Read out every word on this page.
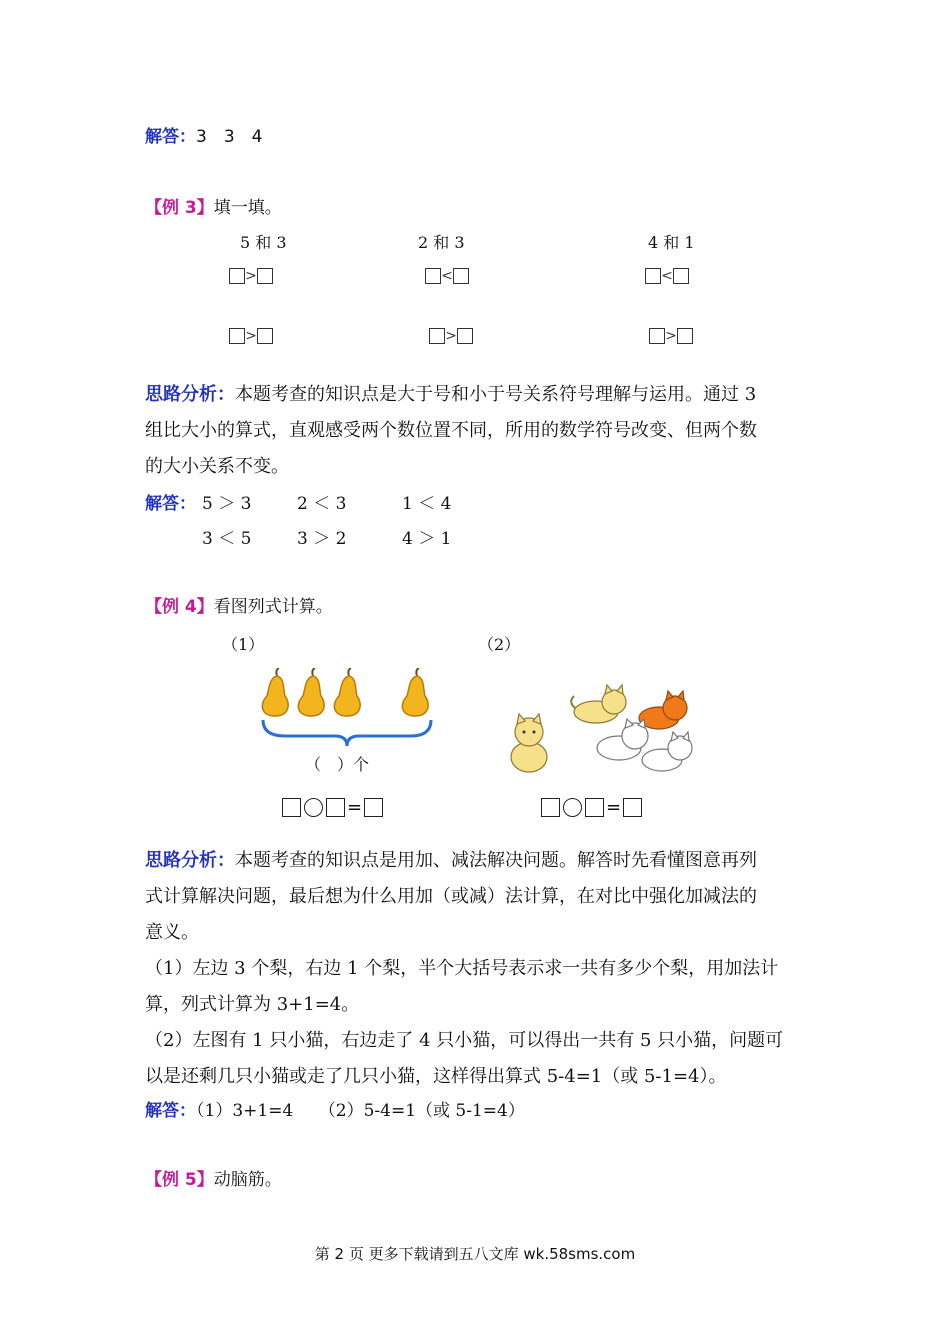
解答：3　3　4
【例 3】填一填。
5 和 3	2 和 3	4 和 1
>	<	<
>	>	>
思路分析：本题考查的知识点是大于号和小于号关系符号理解与运用。通过 3
组比大小的算式，直观感受两个数位置不同，所用的数学符号改变、但两个数
的大小关系不变。
解答： 5 ＞ 3	2 ＜ 3	1 ＜ 4
3 ＜ 5	3 ＞ 2	4 ＞ 1
【例 4】看图列式计算。
（1）	（2）
（　）个
=	=
思路分析：本题考查的知识点是用加、减法解决问题。解答时先看懂图意再列
式计算解决问题，最后想为什么用加（或减）法计算，在对比中强化加减法的
意义。
（1）左边 3 个梨，右边 1 个梨，半个大括号表示求一共有多少个梨，用加法计
算，列式计算为 3+1=4。
（2）左图有 1 只小猫，右边走了 4 只小猫，可以得出一共有 5 只小猫，问题可
以是还剩几只小猫或走了几只小猫，这样得出算式 5-4=1（或 5-1=4）。
解答：（1）3+1=4　　（2）5-4=1（或 5-1=4）
【例 5】动脑筋。
第 2 页 更多下载请到五八文库 wk.58sms.com
